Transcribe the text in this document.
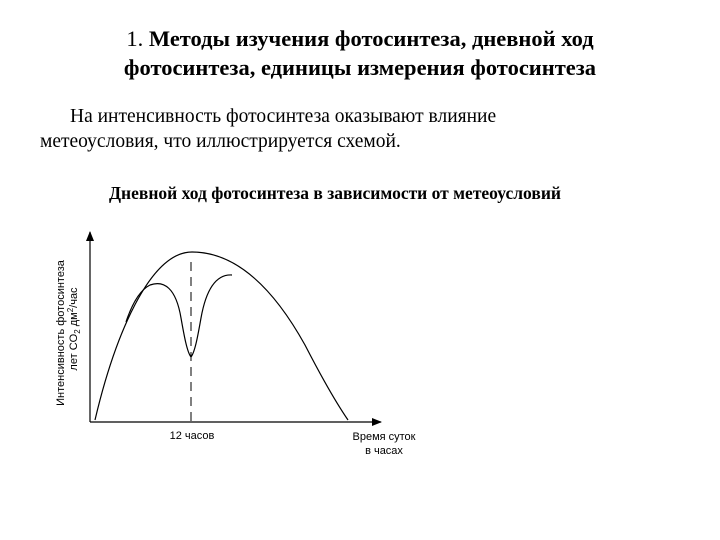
1. Методы изучения фотосинтеза, дневной ход фотосинтеза, единицы измерения фотосинтеза

На интенсивность фотосинтеза оказывают влияние
метеоусловия, что иллюстрируется схемой.

Дневной ход фотосинтеза в зависимости от метеоусловий

Интенсивность фотосинтеза лет $CO_2$ $дм^2$/час
12 часов	Время суток
в часах
